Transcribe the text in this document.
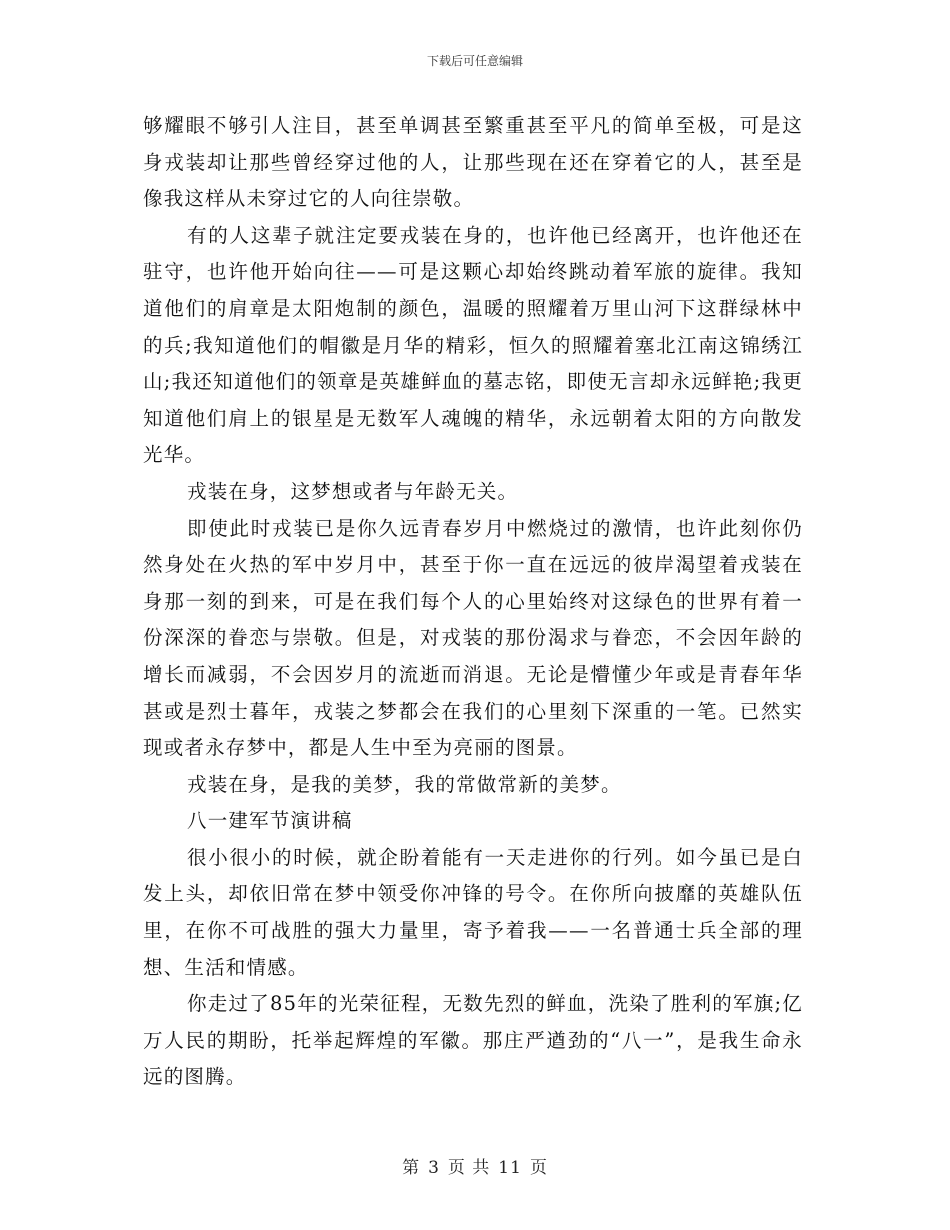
下载后可任意编辑

够耀眼不够引人注目，甚至单调甚至繁重甚至平凡的简单至极，可是这身戎装却让那些曾经穿过他的人，让那些现在还在穿着它的人，甚至是像我这样从未穿过它的人向往崇敬。

有的人这辈子就注定要戎装在身的，也许他已经离开，也许他还在驻守，也许他开始向往——可是这颗心却始终跳动着军旅的旋律。我知道他们的肩章是太阳炮制的颜色，温暖的照耀着万里山河下这群绿林中的兵;我知道他们的帽徽是月华的精彩，恒久的照耀着塞北江南这锦绣江山;我还知道他们的领章是英雄鲜血的墓志铭，即使无言却永远鲜艳;我更知道他们肩上的银星是无数军人魂魄的精华，永远朝着太阳的方向散发光华。

戎装在身，这梦想或者与年龄无关。

即使此时戎装已是你久远青春岁月中燃烧过的激情，也许此刻你仍然身处在火热的军中岁月中，甚至于你一直在远远的彼岸渴望着戎装在身那一刻的到来，可是在我们每个人的心里始终对这绿色的世界有着一份深深的眷恋与崇敬。但是，对戎装的那份渴求与眷恋，不会因年龄的增长而减弱，不会因岁月的流逝而消退。无论是懵懂少年或是青春年华甚或是烈士暮年，戎装之梦都会在我们的心里刻下深重的一笔。已然实现或者永存梦中，都是人生中至为亮丽的图景。

戎装在身，是我的美梦，我的常做常新的美梦。

八一建军节演讲稿

很小很小的时候，就企盼着能有一天走进你的行列。如今虽已是白发上头，却依旧常在梦中领受你冲锋的号令。在你所向披靡的英雄队伍里，在你不可战胜的强大力量里，寄予着我——一名普通士兵全部的理想、生活和情感。

你走过了85年的光荣征程，无数先烈的鲜血，洗染了胜利的军旗;亿万人民的期盼，托举起辉煌的军徽。那庄严遒劲的“八一”，是我生命永远的图腾。

第 3 页 共 11 页
